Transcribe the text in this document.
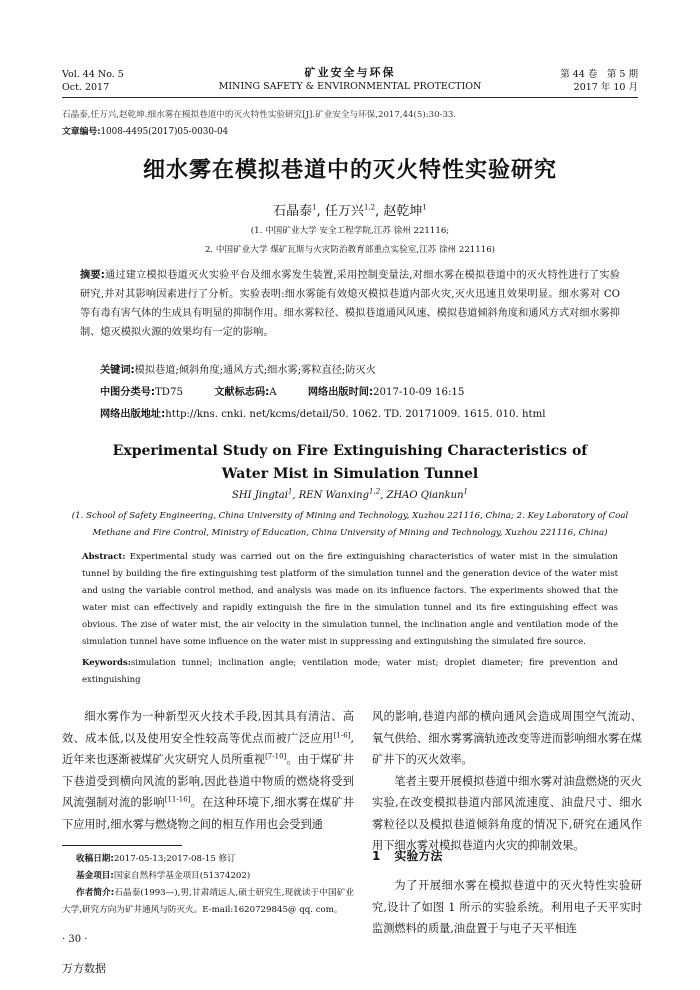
Vol. 44 No. 5
Oct. 2017
矿业安全与环保
MINING SAFETY & ENVIRONMENTAL PROTECTION
第 44 卷　第 5 期
2017 年 10 月
石晶泰,任万兴,赵乾坤.细水雾在模拟巷道中的灭火特性实验研究[J].矿业安全与环保,2017,44(5):30-33.
文章编号:1008-4495(2017)05-0030-04
细水雾在模拟巷道中的灭火特性实验研究
石晶泰$^1$, 任万兴$^{1,2}$, 赵乾坤$^1$
(1. 中国矿业大学 安全工程学院,江苏 徐州 221116;
2. 中国矿业大学 煤矿瓦斯与火灾防治教育部重点实验室,江苏 徐州 221116)
摘要:通过建立模拟巷道灭火实验平台及细水雾发生装置,采用控制变量法,对细水雾在模拟巷道中的灭火特性进行了实验研究,并对其影响因素进行了分析。实验表明:细水雾能有效熄灭模拟巷道内部火灾,灭火迅速且效果明显。细水雾对 CO 等有毒有害气体的生成具有明显的抑制作用。细水雾粒径、模拟巷道通风风速、模拟巷道倾斜角度和通风方式对细水雾抑制、熄灭模拟火源的效果均有一定的影响。
关键词:模拟巷道;倾斜角度;通风方式;细水雾;雾粒直径;防灭火
中图分类号:TD75	文献标志码:A	网络出版时间:2017-10-09 16:15
网络出版地址:http://kns. cnki. net/kcms/detail/50. 1062. TD. 20171009. 1615. 010. html
Experimental Study on Fire Extinguishing Characteristics of Water Mist in Simulation Tunnel
SHI Jingtai$^1$, REN Wanxing$^{1,2}$, ZHAO Qiankun$^1$
(1. School of Safety Engineering, China University of Mining and Technology, Xuzhou 221116, China; 2. Key Laboratory of Coal Methane and Fire Control, Ministry of Education, China University of Mining and Technology, Xuzhou 221116, China)
Abstract: Experimental study was carried out on the fire extinguishing characteristics of water mist in the simulation tunnel by building the fire extinguishing test platform of the simulation tunnel and the generation device of the water mist and using the variable control method, and analysis was made on its influence factors. The experiments showed that the water mist can effectively and rapidly extinguish the fire in the simulation tunnel and its fire extinguishing effect was obvious. The zise of water mist, the air velocity in the simulation tunnel, the inclination angle and ventilation mode of the simulation tunnel have some influence on the water mist in suppressing and extinguishing the simulated fire source.
Keywords:simulation tunnel; inclination angle; ventilation mode; water mist; droplet diameter; fire prevention and extinguishing
细水雾作为一种新型灭火技术手段,因其具有清洁、高效、成本低,以及使用安全性较高等优点而被广泛应用[1-6],近年来也逐渐被煤矿火灾研究人员所重视[7-10]。由于煤矿井下巷道受到横向风流的影响,因此巷道中物质的燃烧将受到风流强制对流的影响[11-16]。在这种环境下,细水雾在煤矿井下应用时,细水雾与燃烧物之间的相互作用也会受到通
收稿日期:2017-05-13;2017-08-15 修订
基金项目:国家自然科学基金项目(51374202)
作者简介:石晶泰(1993—),男,甘肃靖远人,硕士研究生,现就读于中国矿业大学,研究方向为矿井通风与防灭火。E-mail:1620729845@ qq. com。
风的影响,巷道内部的横向通风会造成周围空气流动、氧气供给、细水雾雾滴轨迹改变等进而影响细水雾在煤矿井下的灭火效率。
笔者主要开展模拟巷道中细水雾对油盘燃烧的灭火实验,在改变模拟巷道内部风流速度、油盘尺寸、细水雾粒径以及模拟巷道倾斜角度的情况下,研究在通风作用下细水雾对模拟巷道内火灾的抑制效果。
1 实验方法
为了开展细水雾在模拟巷道中的灭火特性实验研究,设计了如图 1 所示的实验系统。利用电子天平实时监测燃料的质量,油盘置于与电子天平相连
· 30 ·
万方数据
